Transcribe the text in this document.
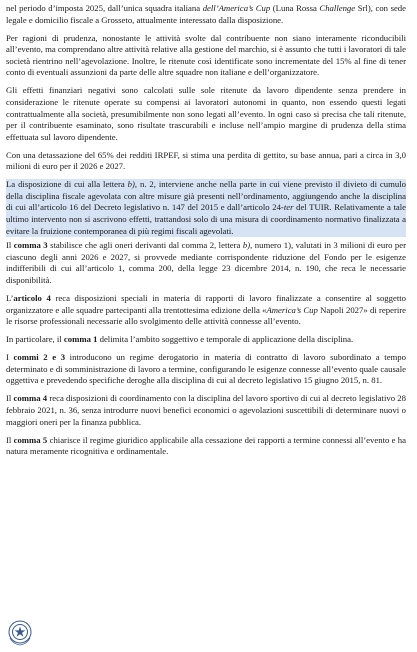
nel periodo d’imposta 2025, dall’unica squadra italiana dell’America’s Cup (Luna Rossa Challenge Srl), con sede legale e domicilio fiscale a Grosseto, attualmente interessato dalla disposizione.

Per ragioni di prudenza, nonostante le attività svolte dal contribuente non siano interamente riconducibili all’evento, ma comprendano altre attività relative alla gestione del marchio, si è assunto che tutti i lavoratori di tale società rientrino nell’agevolazione. Inoltre, le ritenute così identificate sono incrementate del 15% al fine di tener conto di eventuali assunzioni da parte delle altre squadre non italiane e dell’organizzatore.

Gli effetti finanziari negativi sono calcolati sulle sole ritenute da lavoro dipendente senza prendere in considerazione le ritenute operate su compensi ai lavoratori autonomi in quanto, non essendo questi legati contrattualmente alla società, presumibilmente non sono legati all’evento. In ogni caso si precisa che tali ritenute, per il contribuente esaminato, sono risultate trascurabili e incluse nell’ampio margine di prudenza della stima effettuata sul lavoro dipendente.

Con una detassazione del 65% dei redditi IRPEF, si stima una perdita di gettito, su base annua, pari a circa in 3,0 milioni di euro per il 2026 e 2027.

La disposizione di cui alla lettera b), n. 2, interviene anche nella parte in cui viene previsto il divieto di cumulo della disciplina fiscale agevolata con altre misure già presenti nell’ordinamento, aggiungendo anche la disciplina di cui all’articolo 16 del Decreto legislativo n. 147 del 2015 e dall’articolo 24-ter del TUIR. Relativamente a tale ultimo intervento non si ascrivono effetti, trattandosi solo di una misura di coordinamento normativo finalizzata a evitare la fruizione contemporanea di più regimi fiscali agevolati.

Il comma 3 stabilisce che agli oneri derivanti dal comma 2, lettera b), numero 1), valutati in 3 milioni di euro per ciascuno degli anni 2026 e 2027, si provvede mediante corrispondente riduzione del Fondo per le esigenze indifferibili di cui all’articolo 1, comma 200, della legge 23 dicembre 2014, n. 190, che reca le necessarie disponibilità.

L’articolo 4 reca disposizioni speciali in materia di rapporti di lavoro finalizzate a consentire al soggetto organizzatore e alle squadre partecipanti alla trentottesima edizione della «America’s Cup Napoli 2027» di reperire le risorse professionali necessarie allo svolgimento delle attività connesse all’evento.

In particolare, il comma 1 delimita l’ambito soggettivo e temporale di applicazione della disciplina.

I commi 2 e 3 introducono un regime derogatorio in materia di contratto di lavoro subordinato a tempo determinato e di somministrazione di lavoro a termine, configurando le esigenze connesse all’evento quale causale oggettiva e prevedendo specifiche deroghe alla disciplina di cui al decreto legislativo 15 giugno 2015, n. 81.

Il comma 4 reca disposizioni di coordinamento con la disciplina del lavoro sportivo di cui al decreto legislativo 28 febbraio 2021, n. 36, senza introdurre nuovi benefici economici o agevolazioni suscettibili di determinare nuovi o maggiori oneri per la finanza pubblica.

Il comma 5 chiarisce il regime giuridico applicabile alla cessazione dei rapporti a termine connessi all’evento e ha natura meramente ricognitiva e ordinamentale.
